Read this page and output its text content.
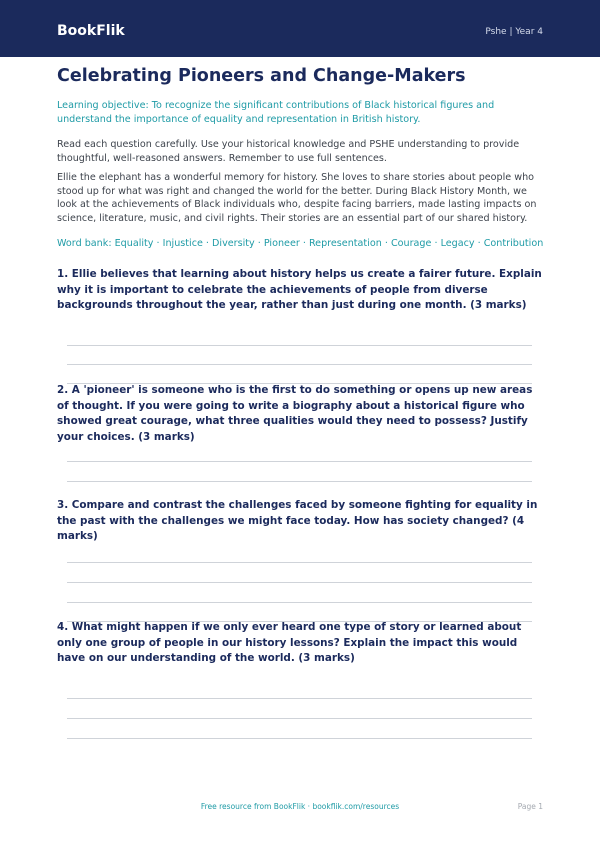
BookFlik	Pshe | Year 4
Celebrating Pioneers and Change-Makers
Learning objective: To recognize the significant contributions of Black historical figures and understand the importance of equality and representation in British history.
Read each question carefully. Use your historical knowledge and PSHE understanding to provide thoughtful, well-reasoned answers. Remember to use full sentences.
Ellie the elephant has a wonderful memory for history. She loves to share stories about people who stood up for what was right and changed the world for the better. During Black History Month, we look at the achievements of Black individuals who, despite facing barriers, made lasting impacts on science, literature, music, and civil rights. Their stories are an essential part of our shared history.
Word bank: Equality · Injustice · Diversity · Pioneer · Representation · Courage · Legacy · Contribution
1. Ellie believes that learning about history helps us create a fairer future. Explain why it is important to celebrate the achievements of people from diverse backgrounds throughout the year, rather than just during one month. (3 marks)
2. A 'pioneer' is someone who is the first to do something or opens up new areas of thought. If you were going to write a biography about a historical figure who showed great courage, what three qualities would they need to possess? Justify your choices. (3 marks)
3. Compare and contrast the challenges faced by someone fighting for equality in the past with the challenges we might face today. How has society changed? (4 marks)
4. What might happen if we only ever heard one type of story or learned about only one group of people in our history lessons? Explain the impact this would have on our understanding of the world. (3 marks)
Free resource from BookFlik · bookflik.com/resources	Page 1
